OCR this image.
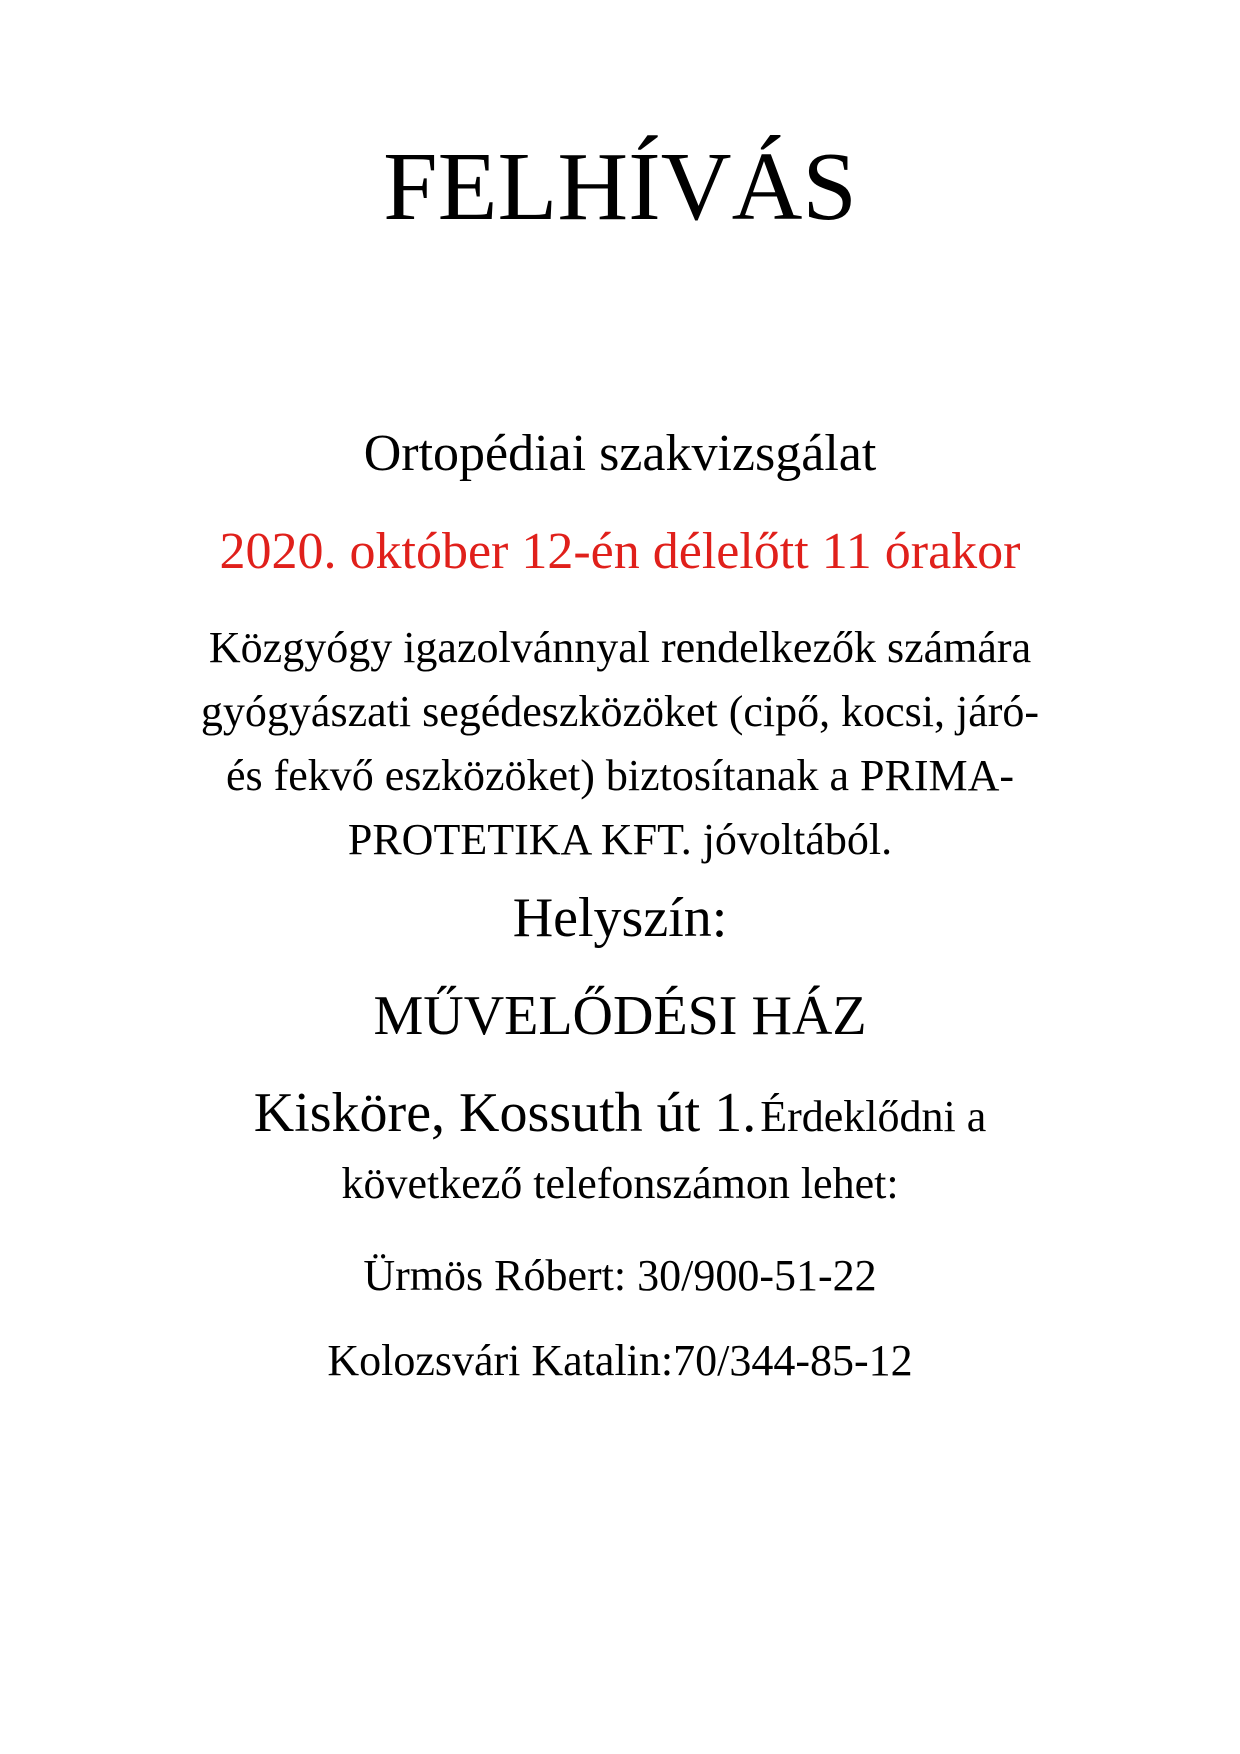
FELHÍVÁS
Ortopédiai szakvizsgálat
2020. október 12-én délelőtt 11 órakor
Közgyógy igazolvánnyal rendelkezők számára
gyógyászati segédeszközöket (cipő, kocsi, járó-
és fekvő eszközöket) biztosítanak a PRIMA-
PROTETIKA KFT. jóvoltából.
Helyszín:
MŰVELŐDÉSI HÁZ
Kisköre, Kossuth út 1. Érdeklődni a
következő telefonszámon lehet:
Ürmös Róbert: 30/900-51-22
Kolozsvári Katalin:70/344-85-12
